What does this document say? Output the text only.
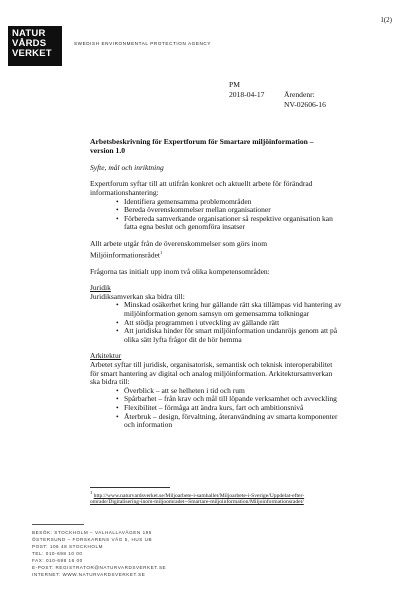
NATUR
VÅRDS
VERKET
SWEDISH ENVIRONMENTAL PROTECTION AGENCY
1(2)
PM
2018-04-17	Ärendenr:
NV-02606-16
Arbetsbeskrivning för Expertforum för Smartare miljöinformation –
version 1.0
Syfte, mål och inriktning
Expertforum syftar till att utifrån konkret och aktuellt arbete för förändrad
informationshantering:
• Identifiera gemensamma problemområden
• Bereda överenskommelser mellan organisationer
• Förbereda samverkande organisationer så respektive organisation kan
fatta egna beslut och genomföra insatser
Allt arbete utgår från de överenskommelser som görs inom
Miljöinformationsrådet$^1$
Frågorna tas initialt upp inom två olika kompetensområden:
Juridik
Juridiksamverkan ska bidra till:
• Minskad osäkerhet kring hur gällande rätt ska tillämpas vid hantering av
miljöinformation genom samsyn om gemensamma tolkningar
• Att stödja programmen i utveckling av gällande rätt
• Att juridiska hinder för smart miljöinformation undanröjs genom att på
olika sätt lyfta frågor dit de hör hemma
Arkitektur
Arbetet syftar till juridisk, organisatorisk, semantisk och teknisk interoperabilitet
för smart hantering av digital och analog miljöinformation. Arkitektursamverkan
ska bidra till:
• Överblick – att se helheten i tid och rum
• Spårbarhet – från krav och mål till löpande verksamhet och avveckling
• Flexibilitet – förmåga att ändra kurs, fart och ambitionsnivå
• Återbruk – design, förvaltning, återanvändning av smarta komponenter
och information
$^1$ http://www.naturvardsverket.se/Miljoarbete-i-samhallet/Miljoarbete-i-Sverige/Uppdelat-efter-
omrade/Digitalisering-inom-miljoomradet--Smartare-miljoinformation/Miljoinformationsradet/
BESÖK: STOCKHOLM – VALHALLAVÄGEN 195
ÖSTERSUND – FORSKARENS VÄG 5, HUS UB
POST: 106 48 STOCKHOLM
TEL: 010-698 10 00
FAX: 010-698 16 00
E-POST: REGISTRATOR@NATURVARDSVERKET.SE
INTERNET: WWW.NATURVARDSVERKET.SE
